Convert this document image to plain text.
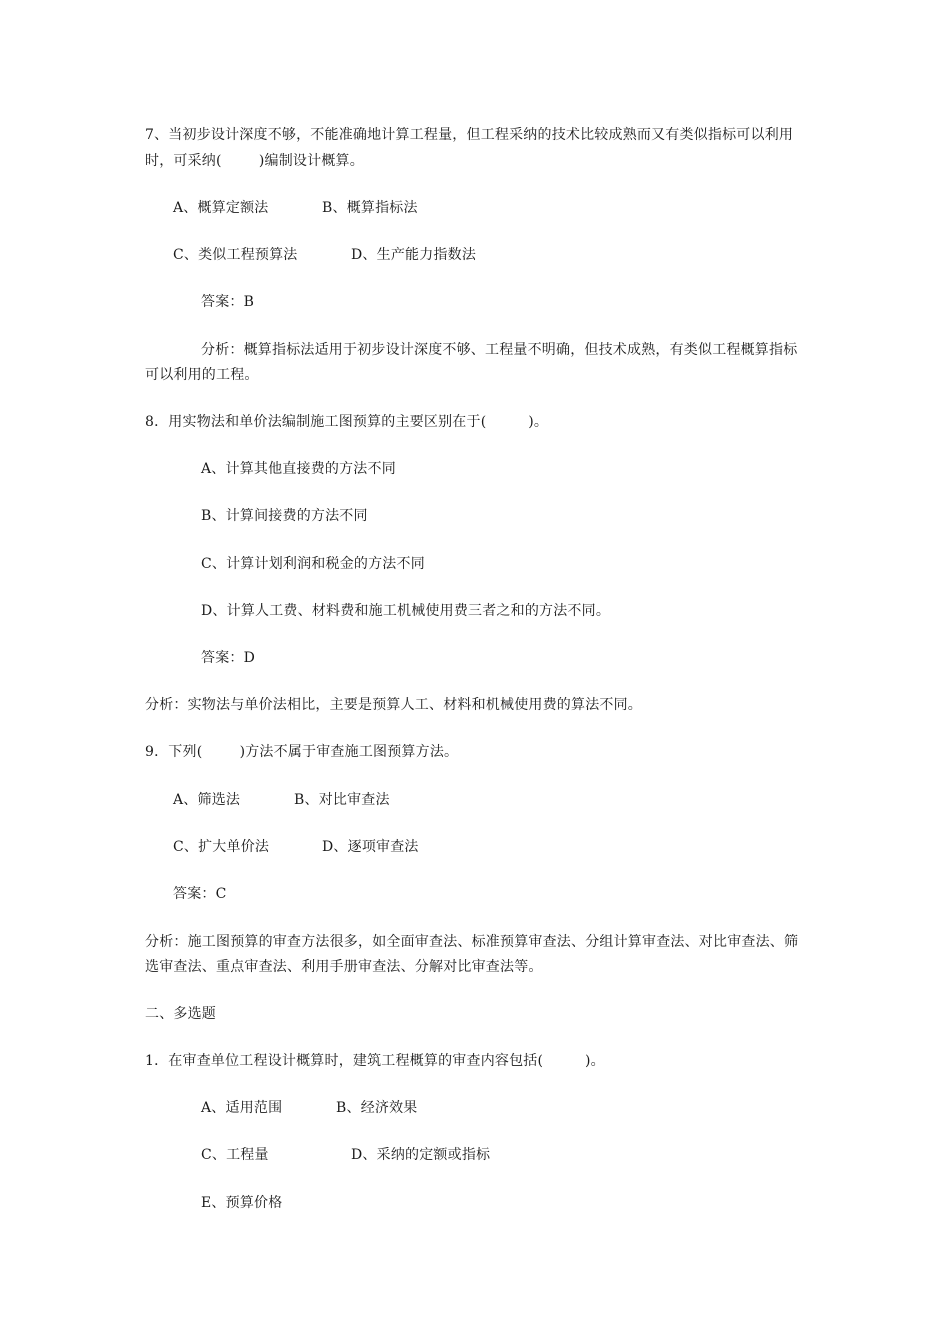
7、当初步设计深度不够，不能准确地计算工程量，但工程采纳的技术比较成熟而又有类似指标可以利用
时，可采纳(        )编制设计概算。
A、概算定额法	B、概算指标法
C、类似工程预算法	D、生产能力指数法
答案：B
分析：概算指标法适用于初步设计深度不够、工程量不明确，但技术成熟，有类似工程概算指标
可以利用的工程。
8．用实物法和单价法编制施工图预算的主要区别在于(         )。
A、计算其他直接费的方法不同
B、计算间接费的方法不同
C、计算计划利润和税金的方法不同
D、计算人工费、材料费和施工机械使用费三者之和的方法不同。
答案：D
分析：实物法与单价法相比，主要是预算人工、材料和机械使用费的算法不同。
9．下列(        )方法不属于审查施工图预算方法。
A、筛选法	B、对比审查法
C、扩大单价法	D、逐项审查法
答案：C
分析：施工图预算的审查方法很多，如全面审查法、标准预算审查法、分组计算审查法、对比审查法、筛
选审查法、重点审查法、利用手册审查法、分解对比审查法等。
二、多选题
1．在审查单位工程设计概算时，建筑工程概算的审查内容包括(         )。
A、适用范围	B、经济效果
C、工程量	D、采纳的定额或指标
E、预算价格
